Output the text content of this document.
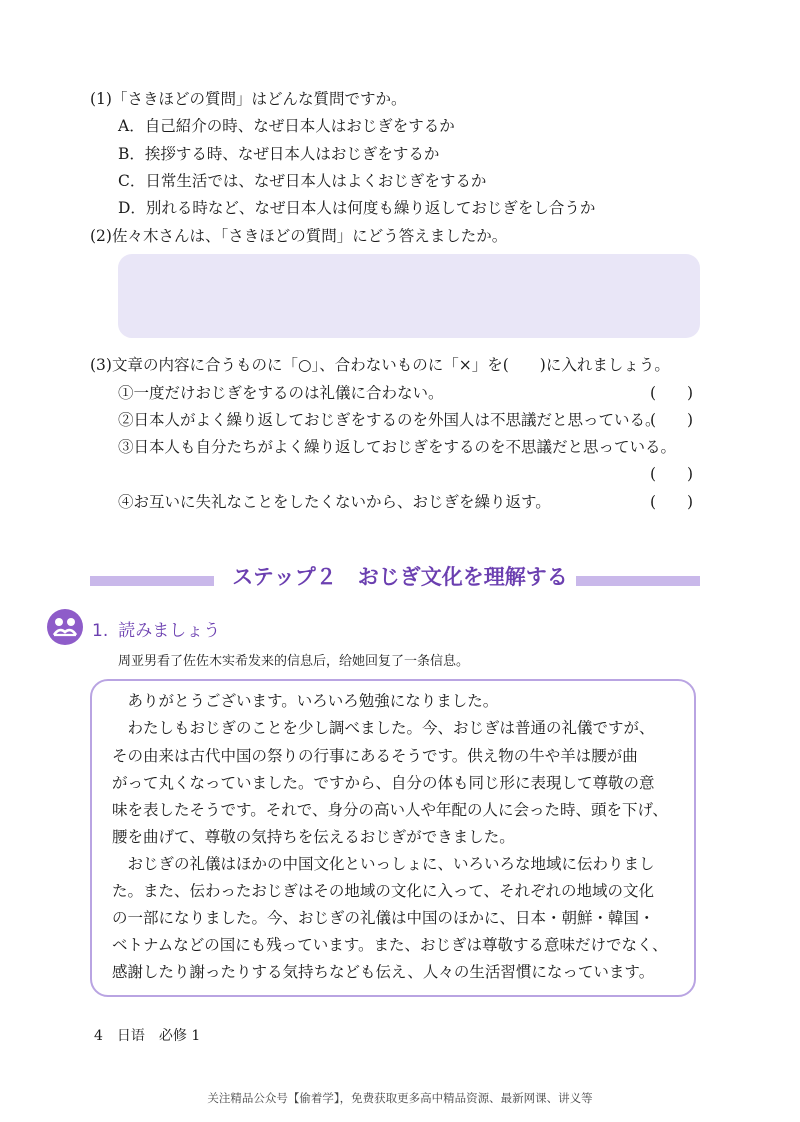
(1)「さきほどの質問」はどんな質問ですか。
A．自己紹介の時、なぜ日本人はおじぎをするか
B．挨拶する時、なぜ日本人はおじぎをするか
C．日常生活では、なぜ日本人はよくおじぎをするか
D．別れる時など、なぜ日本人は何度も繰り返しておじぎをし合うか
(2)佐々木さんは、「さきほどの質問」にどう答えましたか。
(3)文章の内容に合うものに「○」、合わないものに「×」を(　　)に入れましょう。
①一度だけおじぎをするのは礼儀に合わない。	(　　)
②日本人がよく繰り返しておじぎをするのを外国人は不思議だと思っている。
(　　)
③日本人も自分たちがよく繰り返しておじぎをするのを不思議だと思っている。
(　　)
④お互いに失礼なことをしたくないから、おじぎを繰り返す。	(　　)
ステップ２　おじぎ文化を理解する
1. 読みましょう
周亚男看了佐佐木实希发来的信息后，给她回复了一条信息。
　ありがとうございます。いろいろ勉強になりました。
　わたしもおじぎのことを少し調べました。今、おじぎは普通の礼儀ですが、
その由来は古代中国の祭りの行事にあるそうです。供え物の牛や羊は腰が曲
がって丸くなっていました。ですから、自分の体も同じ形に表現して尊敬の意
味を表したそうです。それで、身分の高い人や年配の人に会った時、頭を下げ、
腰を曲げて、尊敬の気持ちを伝えるおじぎができました。
　おじぎの礼儀はほかの中国文化といっしょに、いろいろな地域に伝わりまし
た。また、伝わったおじぎはその地域の文化に入って、それぞれの地域の文化
の一部になりました。今、おじぎの礼儀は中国のほかに、日本・朝鮮・韓国・
ベトナムなどの国にも残っています。また、おじぎは尊敬する意味だけでなく、
感謝したり謝ったりする気持ちなども伝え、人々の生活習慣になっています。
4 日语 必修 1
关注精品公众号【偷着学】，免费获取更多高中精品资源、最新网课、讲义等
